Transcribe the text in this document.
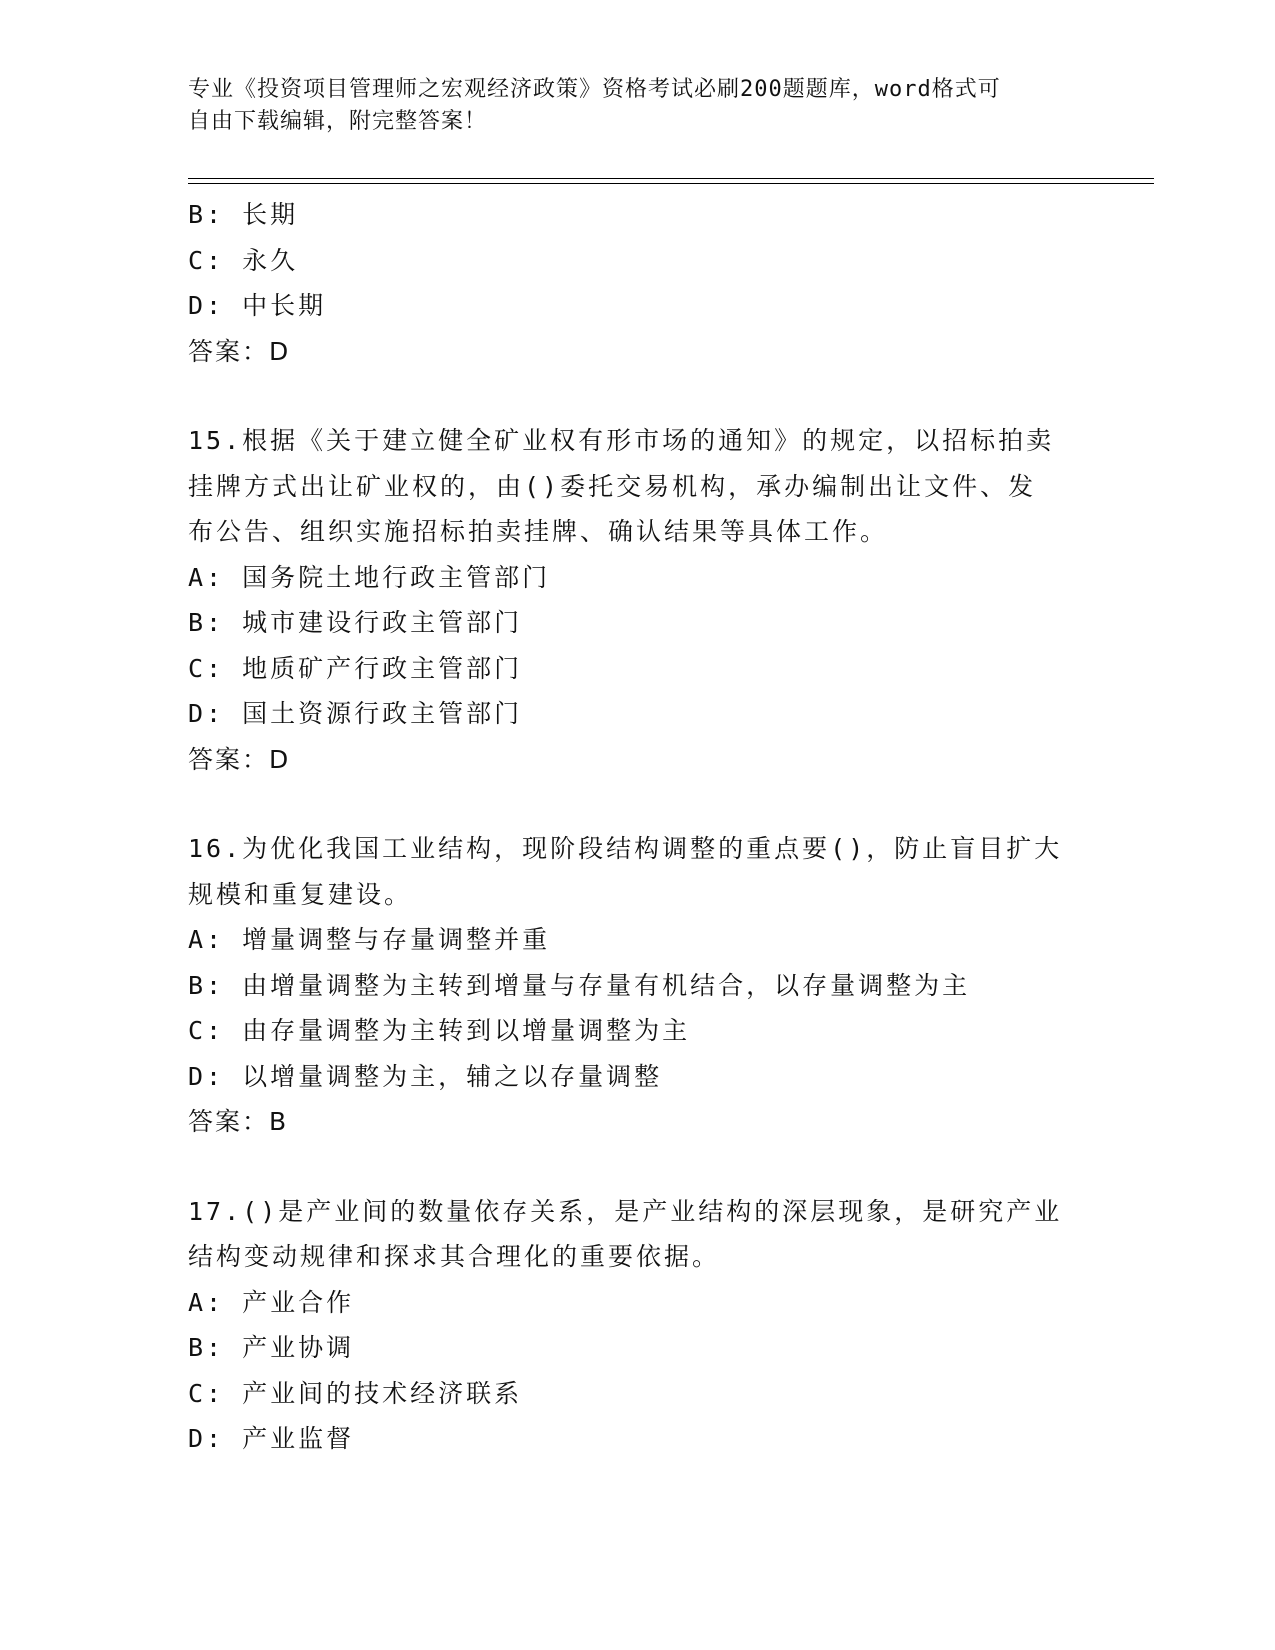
专业《投资项目管理师之宏观经济政策》资格考试必刷200题题库，word格式可
自由下载编辑，附完整答案！
B: 长期
C: 永久
D: 中长期
答案：D
15.根据《关于建立健全矿业权有形市场的通知》的规定，以招标拍卖
挂牌方式出让矿业权的，由()委托交易机构，承办编制出让文件、发
布公告、组织实施招标拍卖挂牌、确认结果等具体工作。
A: 国务院土地行政主管部门
B: 城市建设行政主管部门
C: 地质矿产行政主管部门
D: 国土资源行政主管部门
答案：D
16.为优化我国工业结构，现阶段结构调整的重点要()，防止盲目扩大
规模和重复建设。
A: 增量调整与存量调整并重
B: 由增量调整为主转到增量与存量有机结合，以存量调整为主
C: 由存量调整为主转到以增量调整为主
D: 以增量调整为主，辅之以存量调整
答案：B
17.()是产业间的数量依存关系，是产业结构的深层现象，是研究产业
结构变动规律和探求其合理化的重要依据。
A: 产业合作
B: 产业协调
C: 产业间的技术经济联系
D: 产业监督
